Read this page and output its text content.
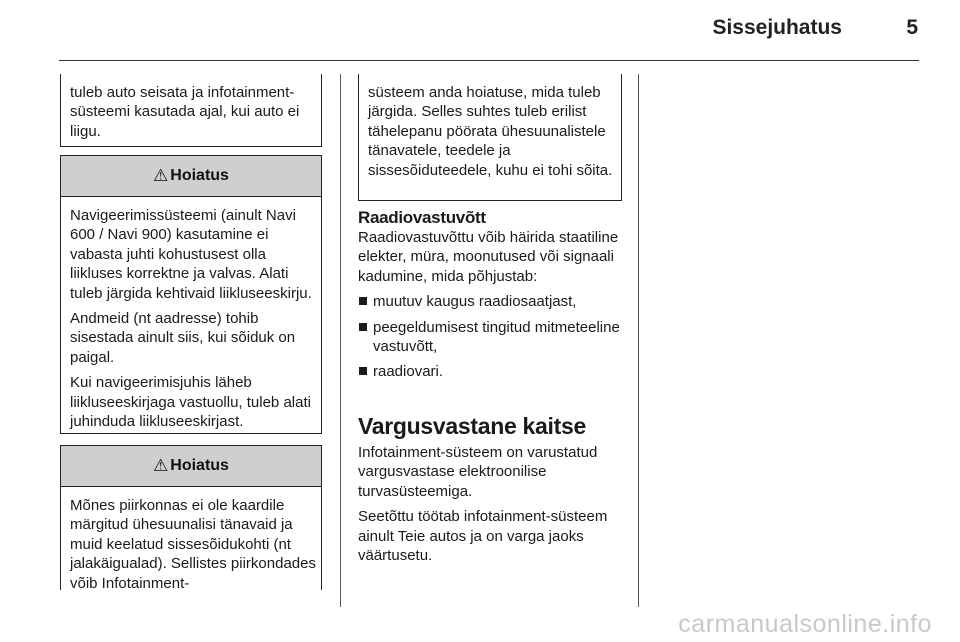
Sissejuhatus	5

tuleb auto seisata ja infotainment-süsteemi kasutada ajal, kui auto ei liigu.

⚠ Hoiatus

Navigeerimissüsteemi (ainult Navi 600 / Navi 900) kasutamine ei vabasta juhti kohustusest olla liikluses korrektne ja valvas. Alati tuleb järgida kehtivaid liikluseeskirju.

Andmeid (nt aadresse) tohib sisestada ainult siis, kui sõiduk on paigal.

Kui navigeerimisjuhis läheb liikluseeskirjaga vastuollu, tuleb alati juhinduda liikluseeskirjast.

⚠ Hoiatus

Mõnes piirkonnas ei ole kaardile märgitud ühesuunalisi tänavaid ja muid keelatud sissesõidukohti (nt jalakäigualad). Sellistes piirkondades võib Infotainment-

süsteem anda hoiatuse, mida tuleb järgida. Selles suhtes tuleb erilist tähelepanu pöörata ühesuunalistele tänavatele, teedele ja sissesõiduteedele, kuhu ei tohi sõita.

Raadiovastuvõtt

Raadiovastuvõttu võib häirida staatiline elekter, müra, moonutused või signaali kadumine, mida põhjustab:

muutuv kaugus raadiosaatjast,
peegeldumisest tingitud mitmeteeline vastuvõtt,
raadiovari.
Vargusvastane kaitse

Infotainment-süsteem on varustatud vargusvastase elektroonilise turvasüsteemiga.

Seetõttu töötab infotainment-süsteem ainult Teie autos ja on varga jaoks väärtusetu.

carmanualsonline.info
